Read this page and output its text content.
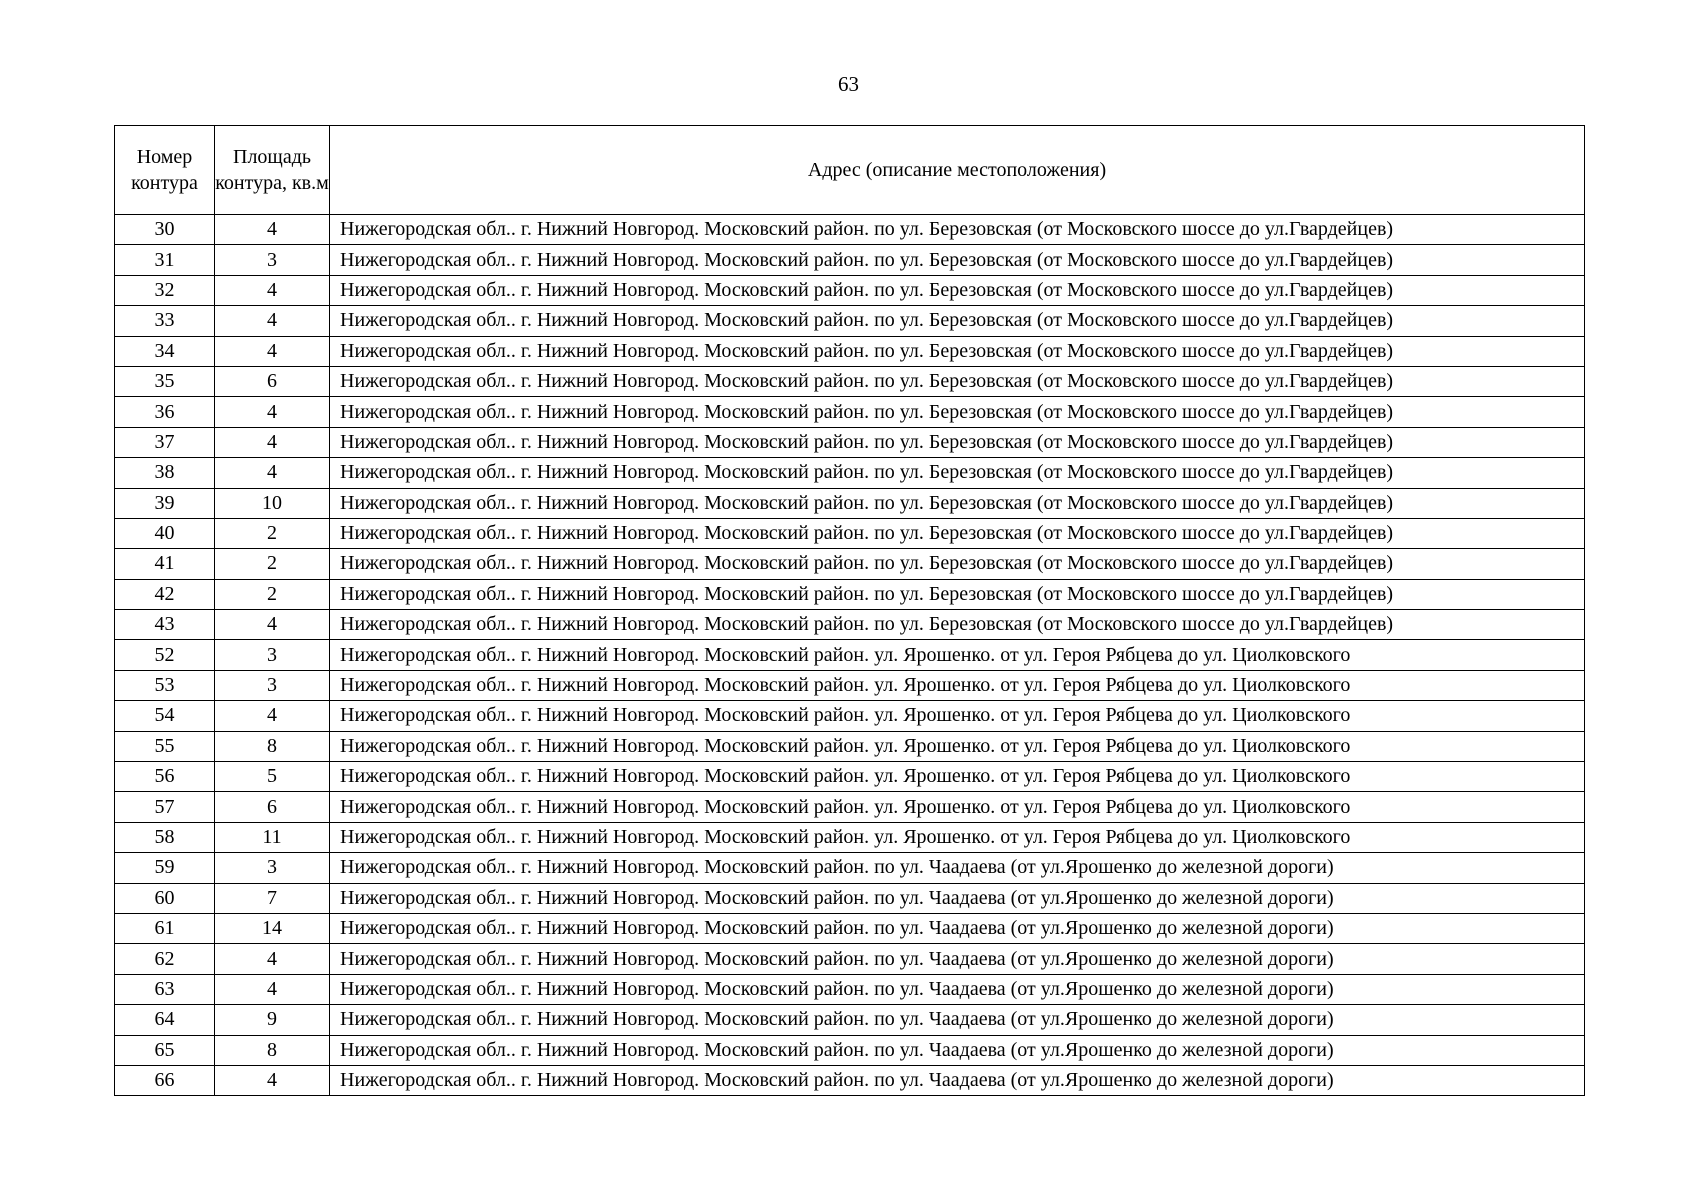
63
Номер контура	Площадь контура, кв.м	Адрес (описание местоположения)
30	4	Нижегородская обл.. г. Нижний Новгород. Московский район. по ул. Березовская (от Московского шоссе до ул.Гвардейцев)
31	3	Нижегородская обл.. г. Нижний Новгород. Московский район. по ул. Березовская (от Московского шоссе до ул.Гвардейцев)
32	4	Нижегородская обл.. г. Нижний Новгород. Московский район. по ул. Березовская (от Московского шоссе до ул.Гвардейцев)
33	4	Нижегородская обл.. г. Нижний Новгород. Московский район. по ул. Березовская (от Московского шоссе до ул.Гвардейцев)
34	4	Нижегородская обл.. г. Нижний Новгород. Московский район. по ул. Березовская (от Московского шоссе до ул.Гвардейцев)
35	6	Нижегородская обл.. г. Нижний Новгород. Московский район. по ул. Березовская (от Московского шоссе до ул.Гвардейцев)
36	4	Нижегородская обл.. г. Нижний Новгород. Московский район. по ул. Березовская (от Московского шоссе до ул.Гвардейцев)
37	4	Нижегородская обл.. г. Нижний Новгород. Московский район. по ул. Березовская (от Московского шоссе до ул.Гвардейцев)
38	4	Нижегородская обл.. г. Нижний Новгород. Московский район. по ул. Березовская (от Московского шоссе до ул.Гвардейцев)
39	10	Нижегородская обл.. г. Нижний Новгород. Московский район. по ул. Березовская (от Московского шоссе до ул.Гвардейцев)
40	2	Нижегородская обл.. г. Нижний Новгород. Московский район. по ул. Березовская (от Московского шоссе до ул.Гвардейцев)
41	2	Нижегородская обл.. г. Нижний Новгород. Московский район. по ул. Березовская (от Московского шоссе до ул.Гвардейцев)
42	2	Нижегородская обл.. г. Нижний Новгород. Московский район. по ул. Березовская (от Московского шоссе до ул.Гвардейцев)
43	4	Нижегородская обл.. г. Нижний Новгород. Московский район. по ул. Березовская (от Московского шоссе до ул.Гвардейцев)
52	3	Нижегородская обл.. г. Нижний Новгород. Московский район. ул. Ярошенко. от ул. Героя Рябцева до ул. Циолковского
53	3	Нижегородская обл.. г. Нижний Новгород. Московский район. ул. Ярошенко. от ул. Героя Рябцева до ул. Циолковского
54	4	Нижегородская обл.. г. Нижний Новгород. Московский район. ул. Ярошенко. от ул. Героя Рябцева до ул. Циолковского
55	8	Нижегородская обл.. г. Нижний Новгород. Московский район. ул. Ярошенко. от ул. Героя Рябцева до ул. Циолковского
56	5	Нижегородская обл.. г. Нижний Новгород. Московский район. ул. Ярошенко. от ул. Героя Рябцева до ул. Циолковского
57	6	Нижегородская обл.. г. Нижний Новгород. Московский район. ул. Ярошенко. от ул. Героя Рябцева до ул. Циолковского
58	11	Нижегородская обл.. г. Нижний Новгород. Московский район. ул. Ярошенко. от ул. Героя Рябцева до ул. Циолковского
59	3	Нижегородская обл.. г. Нижний Новгород. Московский район. по ул. Чаадаева (от ул.Ярошенко до железной дороги)
60	7	Нижегородская обл.. г. Нижний Новгород. Московский район. по ул. Чаадаева (от ул.Ярошенко до железной дороги)
61	14	Нижегородская обл.. г. Нижний Новгород. Московский район. по ул. Чаадаева (от ул.Ярошенко до железной дороги)
62	4	Нижегородская обл.. г. Нижний Новгород. Московский район. по ул. Чаадаева (от ул.Ярошенко до железной дороги)
63	4	Нижегородская обл.. г. Нижний Новгород. Московский район. по ул. Чаадаева (от ул.Ярошенко до железной дороги)
64	9	Нижегородская обл.. г. Нижний Новгород. Московский район. по ул. Чаадаева (от ул.Ярошенко до железной дороги)
65	8	Нижегородская обл.. г. Нижний Новгород. Московский район. по ул. Чаадаева (от ул.Ярошенко до железной дороги)
66	4	Нижегородская обл.. г. Нижний Новгород. Московский район. по ул. Чаадаева (от ул.Ярошенко до железной дороги)
